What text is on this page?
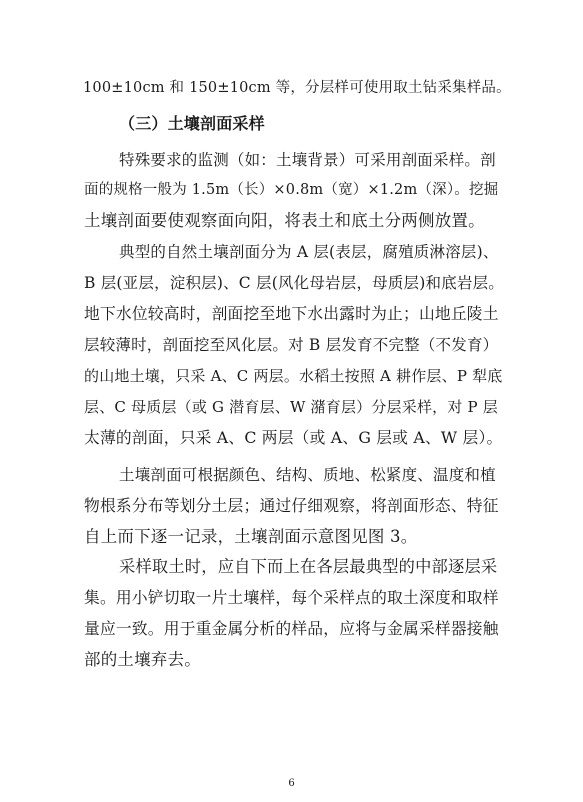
100±10cm 和 150±10cm 等，分层样可使用取土钻采集样品。
（三）土壤剖面采样
特殊要求的监测（如：土壤背景）可采用剖面采样。剖
面的规格一般为 1.5m（长）×0.8m（宽）×1.2m（深）。挖掘
土壤剖面要使观察面向阳，将表土和底土分两侧放置。
典型的自然土壤剖面分为 A 层(表层，腐殖质淋溶层)、
B 层(亚层，淀积层)、C 层(风化母岩层，母质层)和底岩层。
地下水位较高时，剖面挖至地下水出露时为止；山地丘陵土
层较薄时，剖面挖至风化层。对 B 层发育不完整（不发育）
的山地土壤，只采 A、C 两层。水稻土按照 A 耕作层、P 犁底
层、C 母质层（或 G 潜育层、W 潴育层）分层采样，对 P 层
太薄的剖面，只采 A、C 两层（或 A、G 层或 A、W 层）。
土壤剖面可根据颜色、结构、质地、松紧度、温度和植
物根系分布等划分土层；通过仔细观察，将剖面形态、特征
自上而下逐一记录，土壤剖面示意图见图 3。
采样取土时，应自下而上在各层最典型的中部逐层采
集。用小铲切取一片土壤样，每个采样点的取土深度和取样
量应一致。用于重金属分析的样品，应将与金属采样器接触
部的土壤弃去。
6
